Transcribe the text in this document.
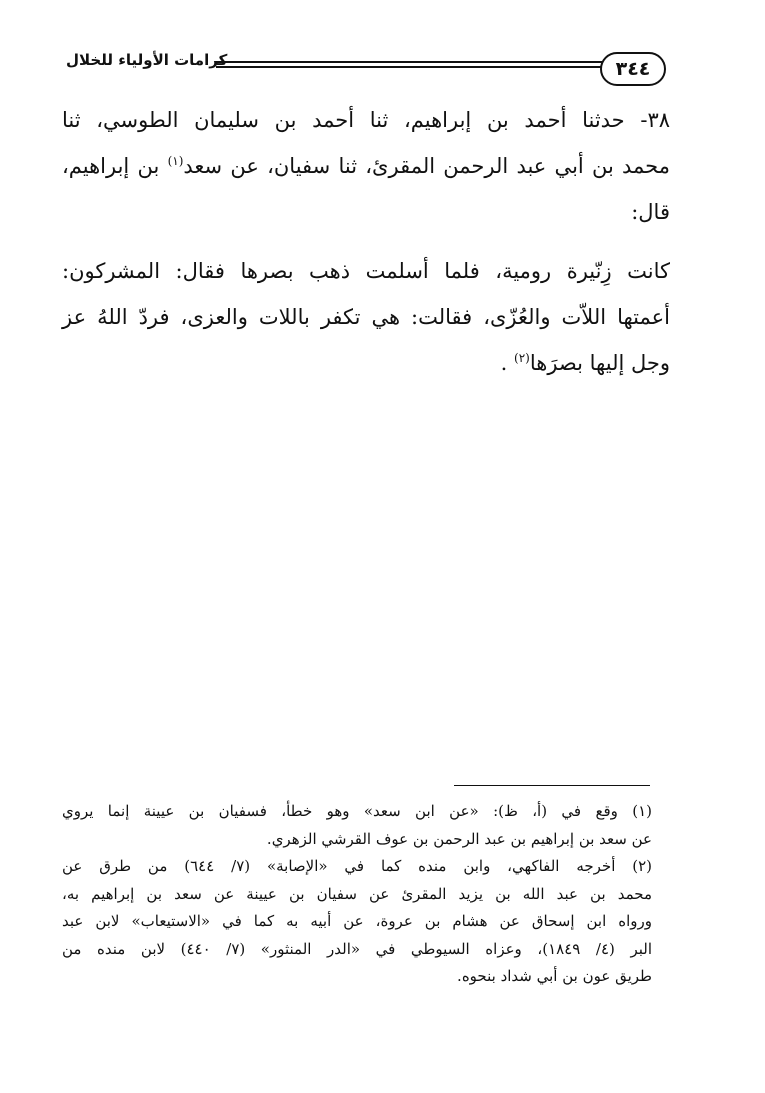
٣٤٤
كرامات الأولياء للخلال

٣٨- حدثنا أحمد بن إبراهيم، ثنا أحمد بن سليمان الطوسي، ثنا
محمد بن أبي عبد الرحمن المقرئ، ثنا سفيان، عن سعد$^{(١)}$ بن إبراهيم،
قال:

كانت زِنّيرة رومية، فلما أسلمت ذهب بصرها فقال: المشركون:
أعمتها اللاّت والعُزّى، فقالت: هي تكفر باللات والعزى، فردّ اللهُ عز
وجل إليها بصرَها$^{(٢)}$ .

(١) وقع في (أ، ظ): «عن ابن سعد» وهو خطأ، فسفيان بن عيينة إنما يروي
عن سعد بن إبراهيم بن عبد الرحمن بن عوف القرشي الزهري.
(٢) أخرجه الفاكهي، وابن منده كما في «الإصابة» (٧/ ٦٤٤) من طرق عن
محمد بن عبد الله بن يزيد المقرئ عن سفيان بن عيينة عن سعد بن إبراهيم به،
ورواه ابن إسحاق عن هشام بن عروة، عن أبيه به كما في «الاستيعاب» لابن عبد
البر (٤/ ١٨٤٩)، وعزاه السيوطي في «الدر المنثور» (٧/ ٤٤٠) لابن منده من
طريق عون بن أبي شداد بنحوه.
